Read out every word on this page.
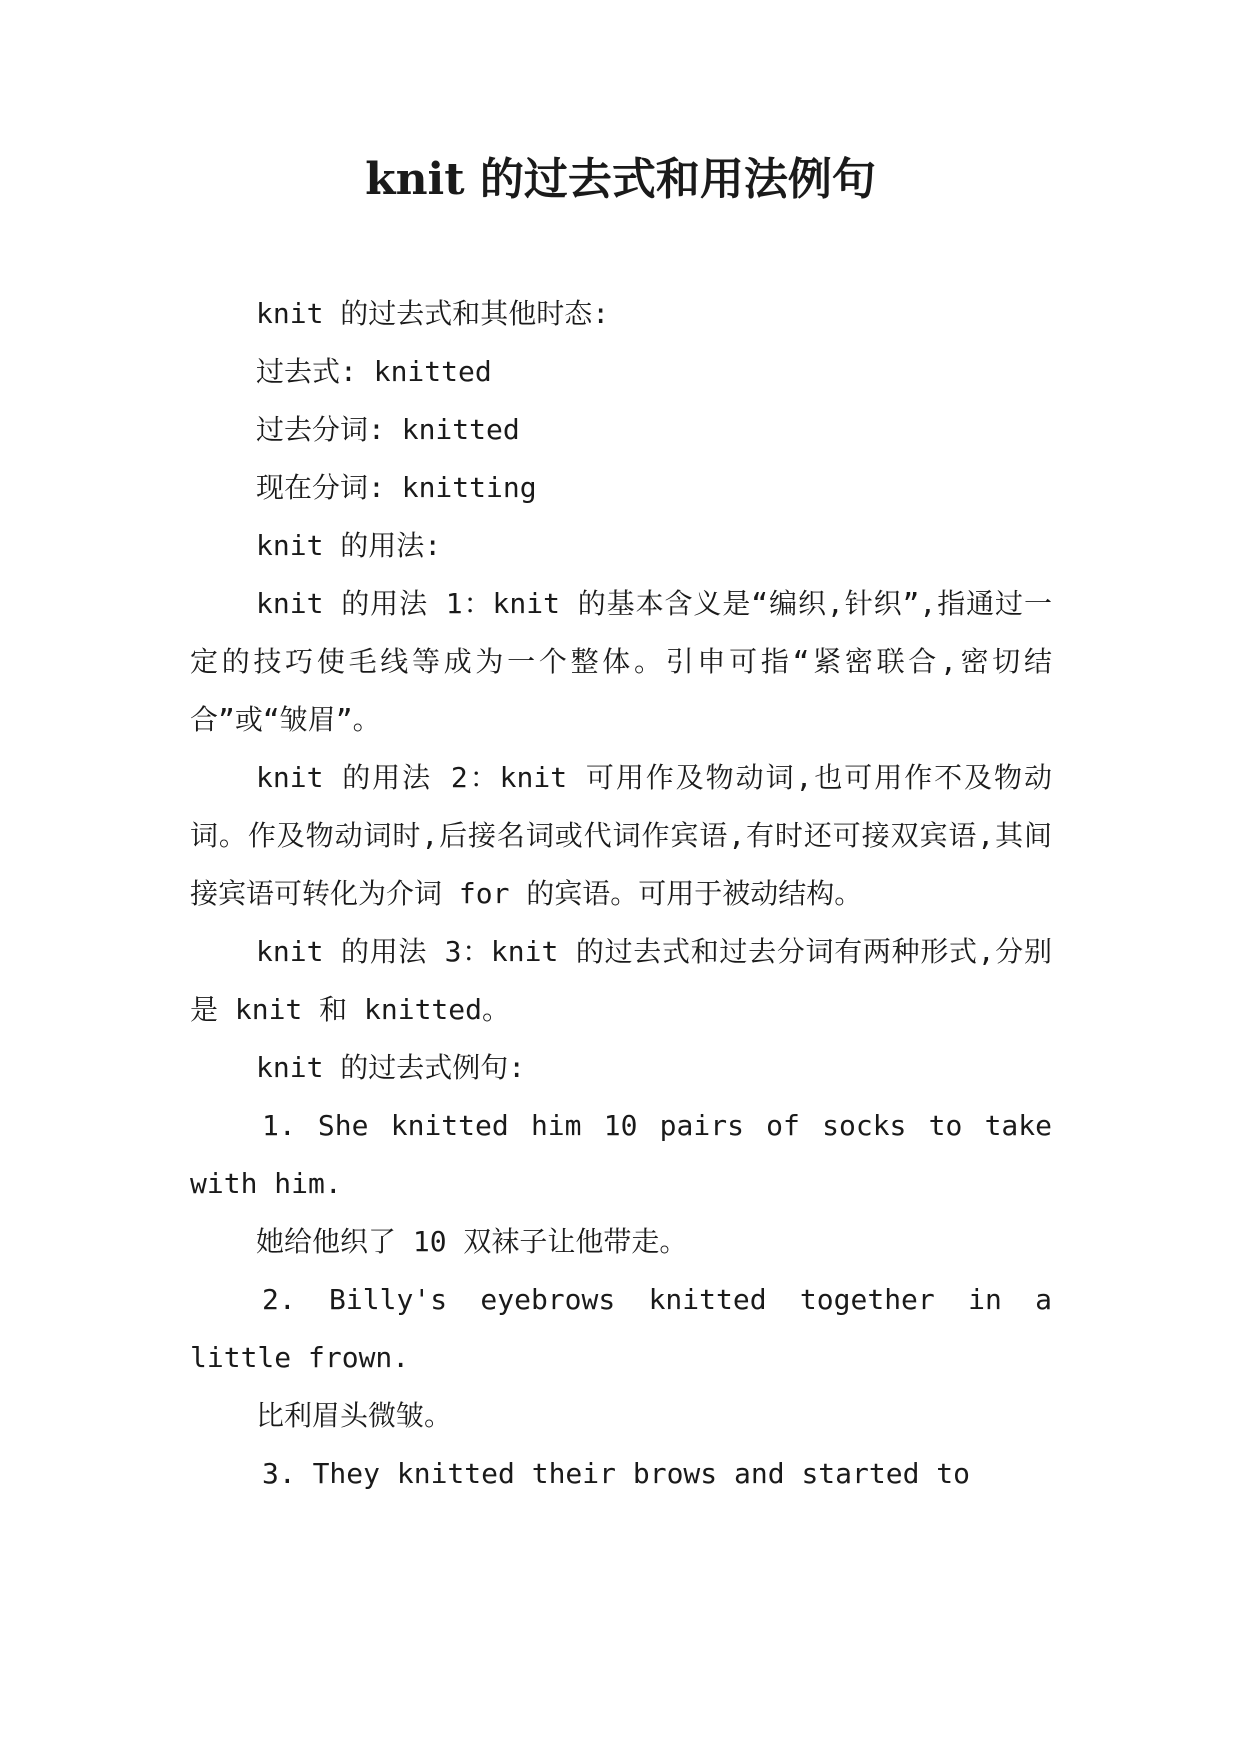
knit 的过去式和用法例句

knit 的过去式和其他时态:

过去式: knitted

过去分词: knitted

现在分词: knitting

knit 的用法:

knit 的用法 1：knit 的基本含义是“编织,针织”,指通过一定的技巧使毛线等成为一个整体。引申可指“紧密联合,密切结合”或“皱眉”。

knit 的用法 2：knit 可用作及物动词,也可用作不及物动词。作及物动词时,后接名词或代词作宾语,有时还可接双宾语,其间接宾语可转化为介词 for 的宾语。可用于被动结构。

knit 的用法 3：knit 的过去式和过去分词有两种形式,分别是 knit 和 knitted。

knit 的过去式例句:

1. She knitted him 10 pairs of socks to take with him.

她给他织了 10 双袜子让他带走。

2. Billy's eyebrows knitted together in a little frown.

比利眉头微皱。

3. They knitted their brows and started to
